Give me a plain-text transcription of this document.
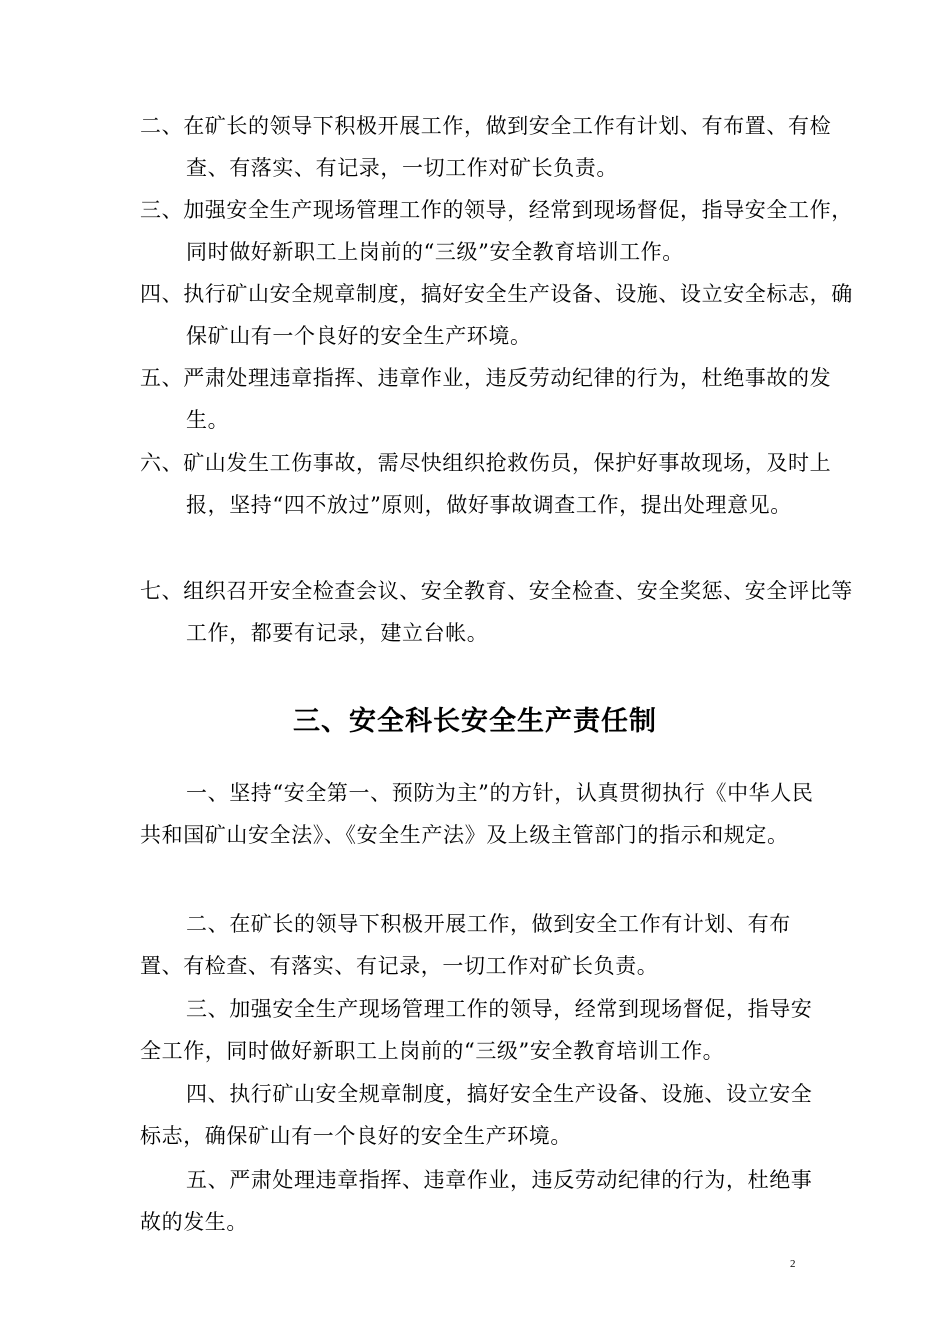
二、在矿长的领导下积极开展工作，做到安全工作有计划、有布置、有检查、有落实、有记录，一切工作对矿长负责。

三、加强安全生产现场管理工作的领导，经常到现场督促，指导安全工作，同时做好新职工上岗前的“三级”安全教育培训工作。

四、执行矿山安全规章制度，搞好安全生产设备、设施、设立安全标志，确保矿山有一个良好的安全生产环境。

五、严肃处理违章指挥、违章作业，违反劳动纪律的行为，杜绝事故的发生。

六、矿山发生工伤事故，需尽快组织抢救伤员，保护好事故现场，及时上报，坚持“四不放过”原则，做好事故调查工作，提出处理意见。

七、组织召开安全检查会议、安全教育、安全检查、安全奖惩、安全评比等工作，都要有记录，建立台帐。

三、安全科长安全生产责任制

一、坚持“安全第一、预防为主”的方针，认真贯彻执行《中华人民共和国矿山安全法》、《安全生产法》及上级主管部门的指示和规定。

二、在矿长的领导下积极开展工作，做到安全工作有计划、有布置、有检查、有落实、有记录，一切工作对矿长负责。

三、加强安全生产现场管理工作的领导，经常到现场督促，指导安全工作，同时做好新职工上岗前的“三级”安全教育培训工作。

四、执行矿山安全规章制度，搞好安全生产设备、设施、设立安全标志，确保矿山有一个良好的安全生产环境。

五、严肃处理违章指挥、违章作业，违反劳动纪律的行为，杜绝事故的发生。

2
